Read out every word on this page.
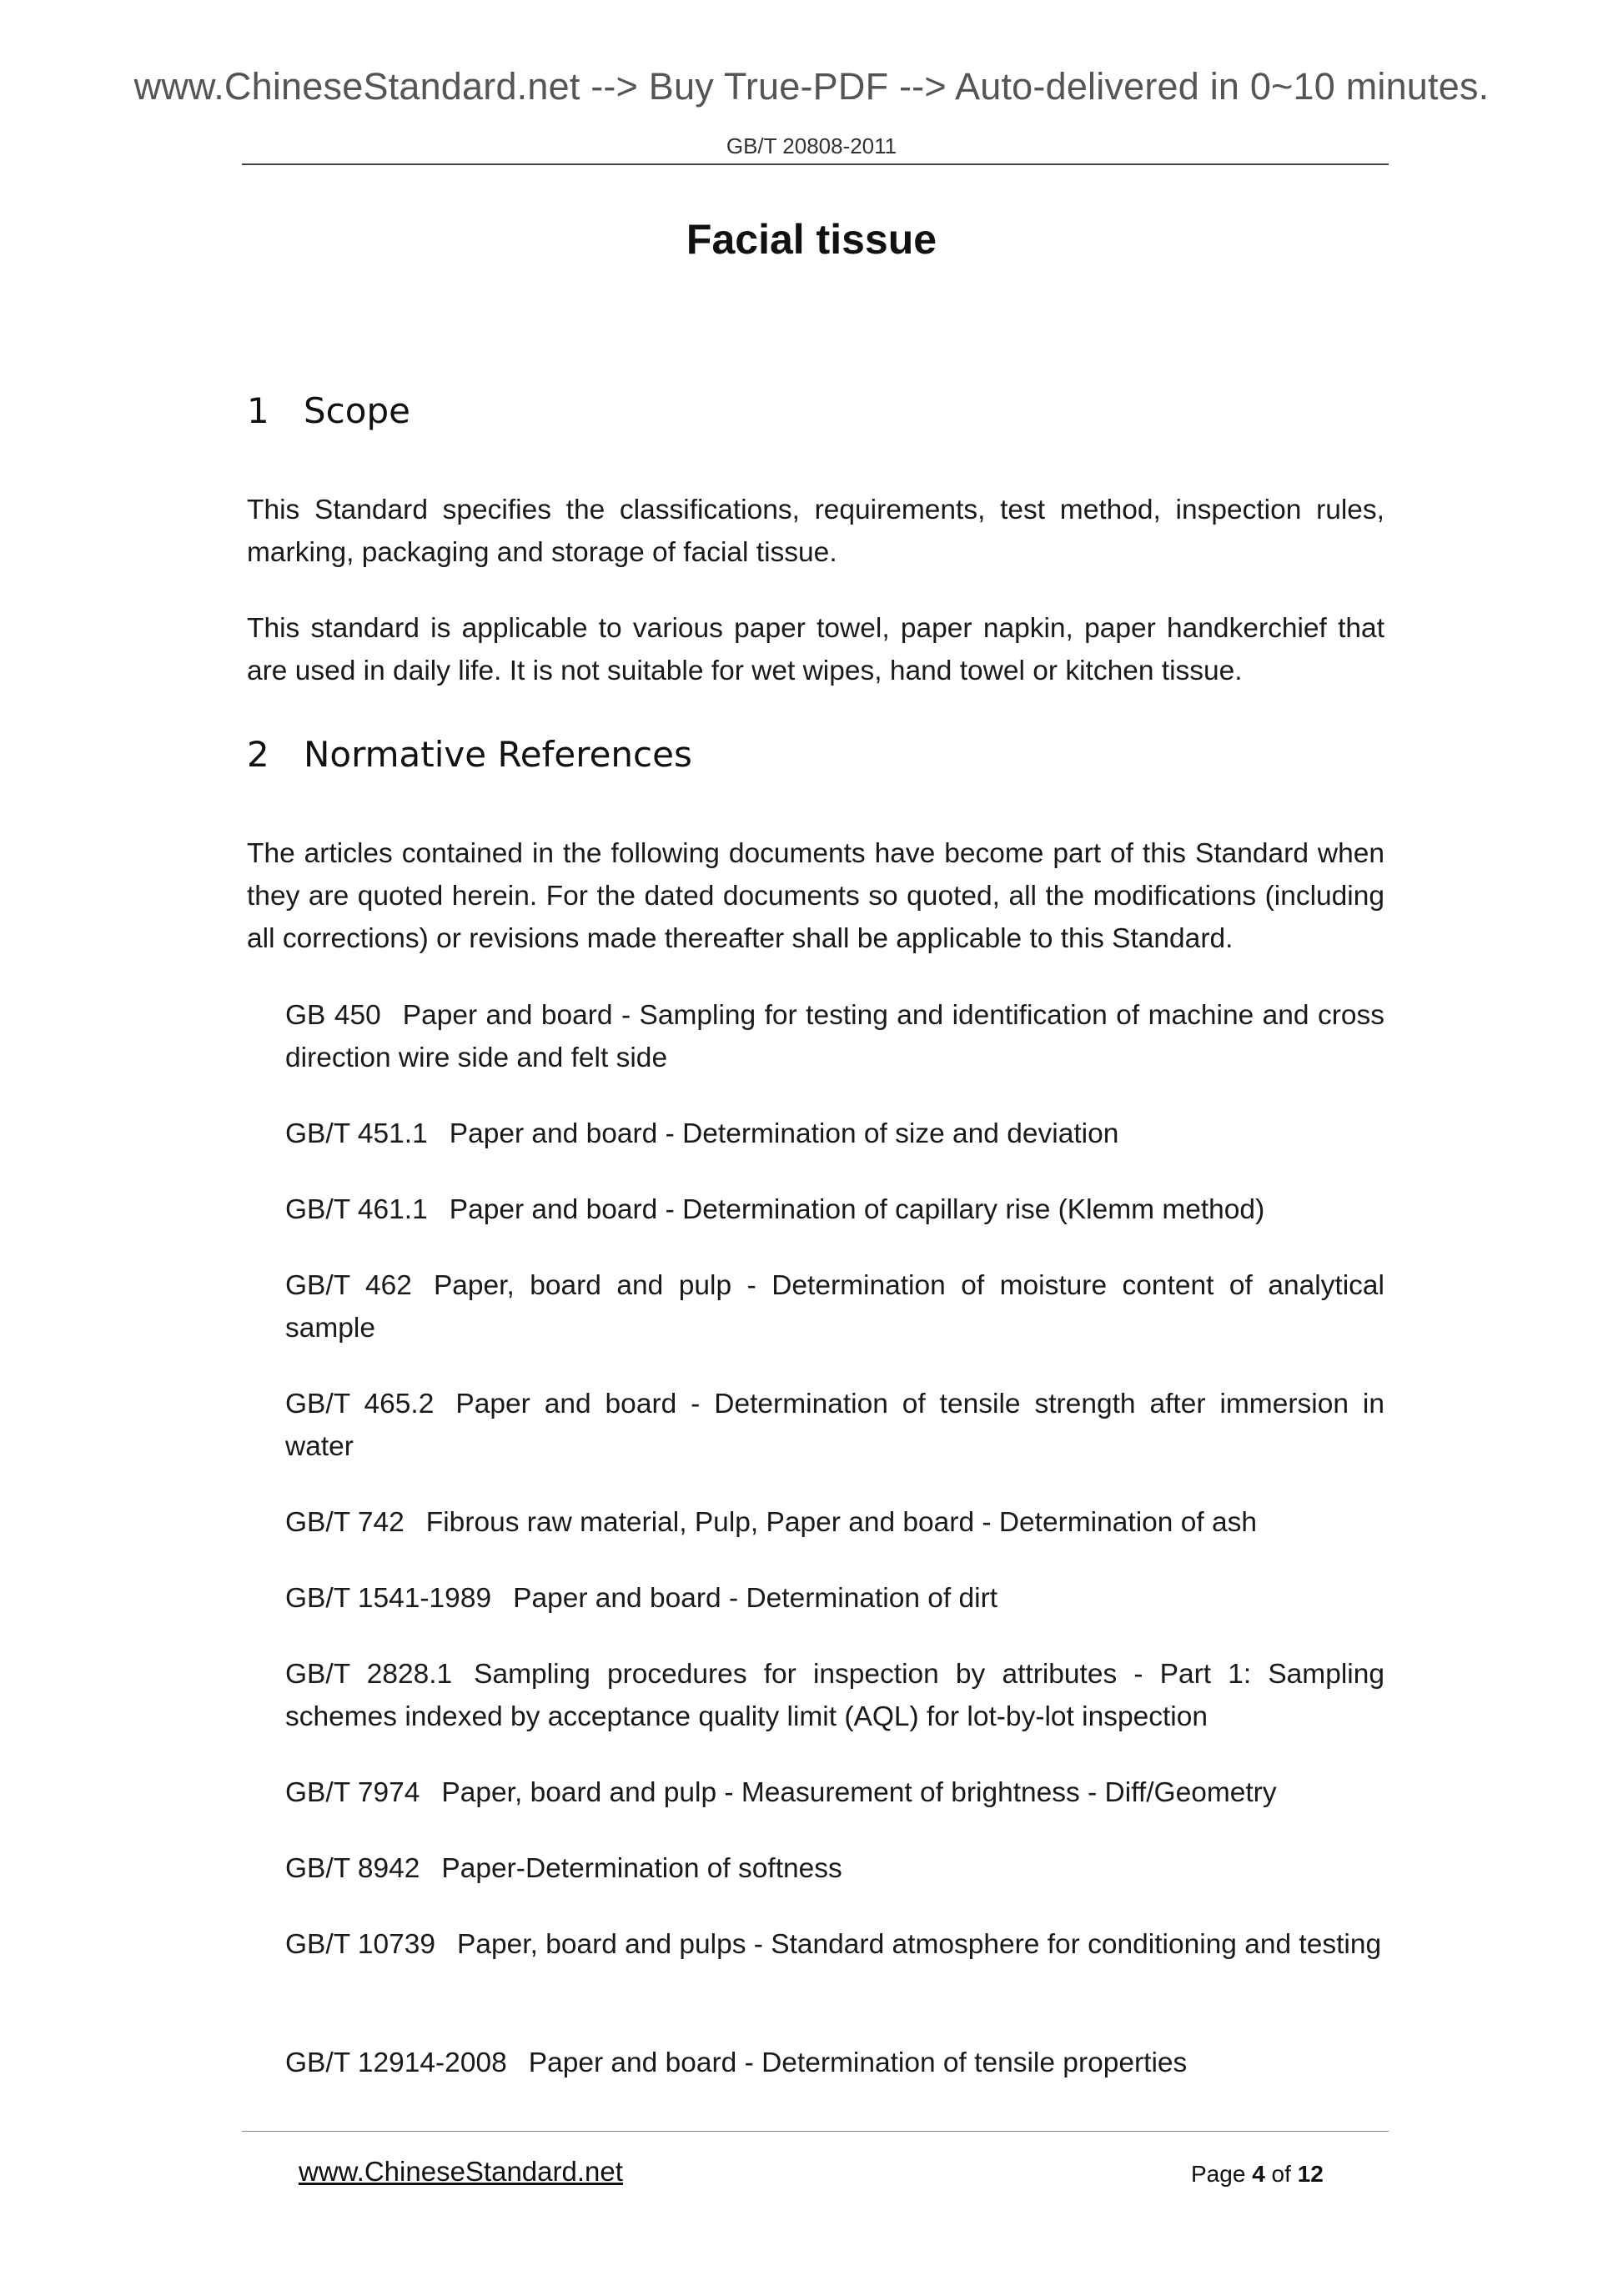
www.ChineseStandard.net --> Buy True-PDF --> Auto-delivered in 0~10 minutes.
GB/T 20808-2011
Facial tissue
1 Scope
This Standard specifies the classifications, requirements, test method, inspection rules, marking, packaging and storage of facial tissue.
This standard is applicable to various paper towel, paper napkin, paper handkerchief that are used in daily life. It is not suitable for wet wipes, hand towel or kitchen tissue.
2 Normative References
The articles contained in the following documents have become part of this Standard when they are quoted herein. For the dated documents so quoted, all the modifications (including all corrections) or revisions made thereafter shall be applicable to this Standard.
GB 450 Paper and board - Sampling for testing and identification of machine and cross direction wire side and felt side
GB/T 451.1 Paper and board - Determination of size and deviation
GB/T 461.1 Paper and board - Determination of capillary rise (Klemm method)
GB/T 462 Paper, board and pulp - Determination of moisture content of analytical sample
GB/T 465.2 Paper and board - Determination of tensile strength after immersion in water
GB/T 742 Fibrous raw material, Pulp, Paper and board - Determination of ash
GB/T 1541-1989 Paper and board - Determination of dirt
GB/T 2828.1 Sampling procedures for inspection by attributes - Part 1: Sampling schemes indexed by acceptance quality limit (AQL) for lot-by-lot inspection
GB/T 7974 Paper, board and pulp - Measurement of brightness - Diff/Geometry
GB/T 8942 Paper-Determination of softness
GB/T 10739 Paper, board and pulps - Standard atmosphere for conditioning and testing
GB/T 12914-2008 Paper and board - Determination of tensile properties
www.ChineseStandard.net	Page 4 of 12
